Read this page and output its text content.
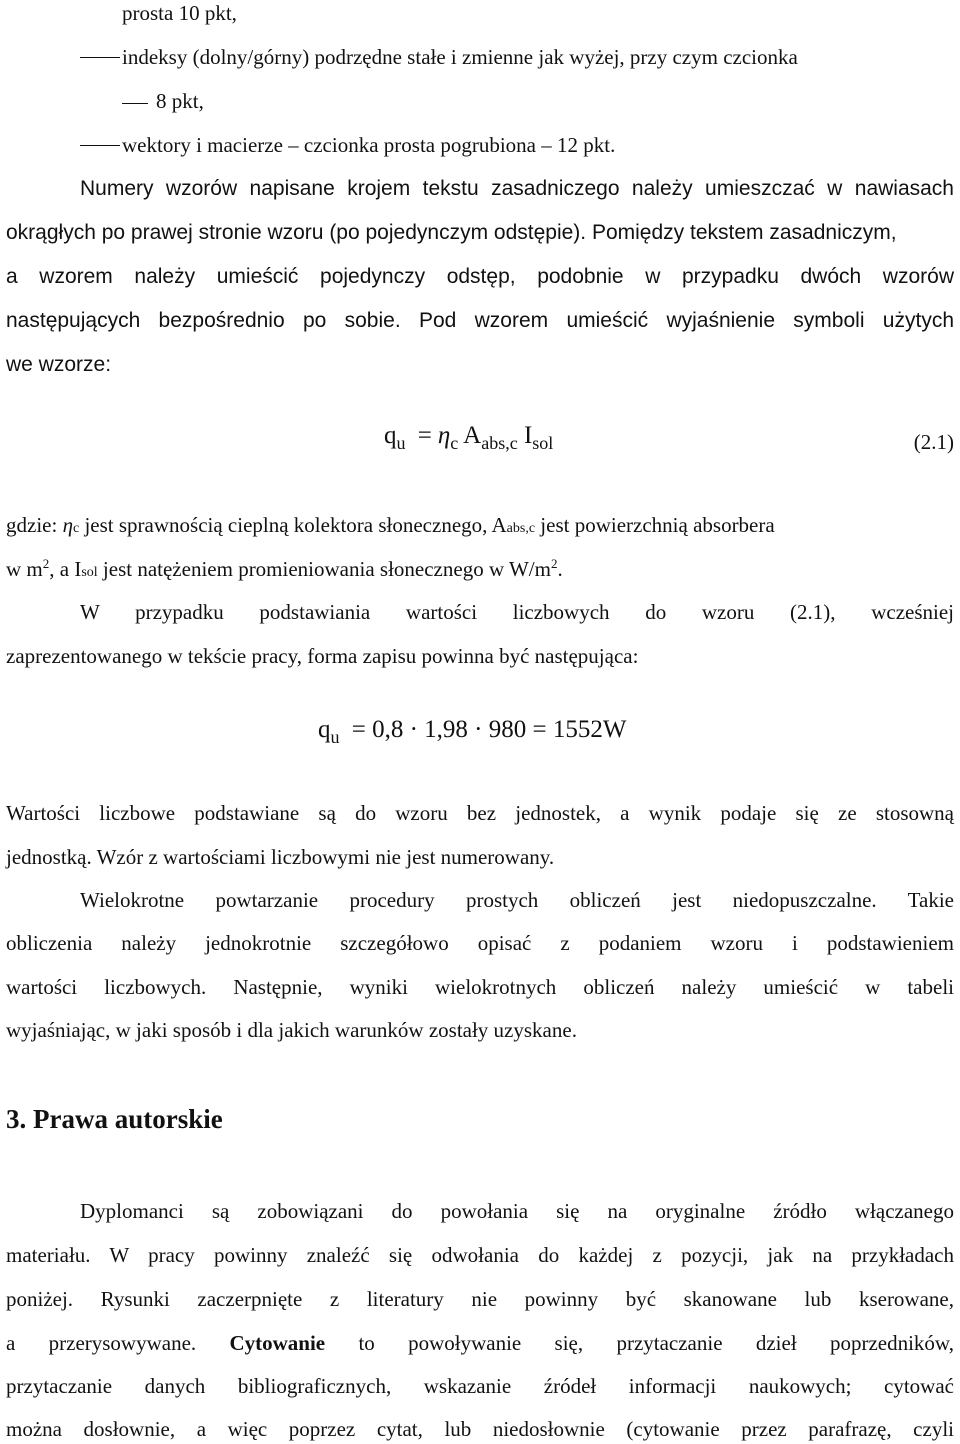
prosta 10 pkt,
indeksy (dolny/górny) podrzędne stałe i zmienne jak wyżej, przy czym czcionka
8 pkt,
wektory i macierze – czcionka prosta pogrubiona – 12 pkt.
Numery wzorów napisane krojem tekstu zasadniczego należy umieszczać w nawiasach
okrągłych po prawej stronie wzoru (po pojedynczym odstępie). Pomiędzy tekstem zasadniczym,
a wzorem należy umieścić pojedynczy odstęp, podobnie w przypadku dwóch wzorów
następujących bezpośrednio po sobie. Pod wzorem umieścić wyjaśnienie symboli użytych
we wzorze:
$q_u = \eta_c$ $A_{abs,c}$ $I_{sol}$	(2.1)
gdzie: ηc jest sprawnością cieplną kolektora słonecznego, Aabs,c jest powierzchnią absorbera
w $m^2$, a Isol jest natężeniem promieniowania słonecznego w $W/m^2$.
W przypadku podstawiania wartości liczbowych do wzoru (2.1), wcześniej
zaprezentowanego w tekście pracy, forma zapisu powinna być następująca:
$q_u = 0,8 \cdot 1,98 \cdot 980 = 1552W$
Wartości liczbowe podstawiane są do wzoru bez jednostek, a wynik podaje się ze stosowną
jednostką. Wzór z wartościami liczbowymi nie jest numerowany.
Wielokrotne powtarzanie procedury prostych obliczeń jest niedopuszczalne. Takie
obliczenia należy jednokrotnie szczegółowo opisać z podaniem wzoru i podstawieniem
wartości liczbowych. Następnie, wyniki wielokrotnych obliczeń należy umieścić w tabeli
wyjaśniając, w jaki sposób i dla jakich warunków zostały uzyskane.
3. Prawa autorskie
Dyplomanci są zobowiązani do powołania się na oryginalne źródło włączanego
materiału. W pracy powinny znaleźć się odwołania do każdej z pozycji, jak na przykładach
poniżej. Rysunki zaczerpnięte z literatury nie powinny być skanowane lub kserowane,
a przerysowywane. Cytowanie to powoływanie się, przytaczanie dzieł poprzedników,
przytaczanie danych bibliograficznych, wskazanie źródeł informacji naukowych; cytować
można dosłownie, a więc poprzez cytat, lub niedosłownie (cytowanie przez parafrazę, czyli
